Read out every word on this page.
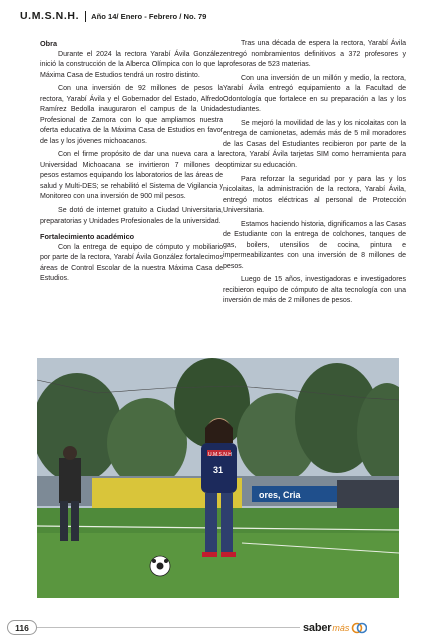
U.M.S.N.H. Año 14/ Enero - Febrero / No. 79
Obra

Durante el 2024 la rectora Yarabí Ávila González inició la construcción de la Alberca Olímpica con lo que la Máxima Casa de Estudios tendrá un rostro distinto.

Con una inversión de 92 millones de pesos la rectora, Yarabí Ávila y el Gobernador del Estado, Alfredo Ramírez Bedolla inauguraron el campus de la Unidad Profesional de Zamora con lo que ampliamos nuestra oferta educativa de la Máxima Casa de Estudios en favor de las y los jóvenes michoacanos.

Con el firme propósito de dar una nueva cara a la Universidad Michoacana se invirtieron 7 millones de pesos estamos equipando los laboratorios de las áreas de salud y Multi-DES; se rehabilitó el Sistema de Vigilancia y Monitoreo con una inversión de 900 mil pesos.

Se dotó de internet gratuito a Ciudad Universitaria, preparatorias y Unidades Profesionales de la universidad.

Fortalecimiento académico

Con la entrega de equipo de cómputo y mobiliario por parte de la rectora, Yarabí Ávila González fortalecimos áreas de Control Escolar de la nuestra Máxima Casa de Estudios.

Tras una década de espera la rectora, Yarabí Ávila entregó nombramientos definitivos a 372 profesores y profesoras de 523 materias.

Con una inversión de un millón y medio, la rectora, Yarabí Ávila entregó equipamiento a la Facultad de Odontología que fortalece en su preparación a las y los estudiantes.

Se mejoró la movilidad de las y los nicolaitas con la entrega de camionetas, además más de 5 mil moradores de las Casas del Estudiantes recibieron por parte de la rectora, Yarabí Ávila tarjetas SIM como herramienta para optimizar su educación.

Para reforzar la seguridad por y para las y los nicolaitas, la administración de la rectora, Yarabí Ávila, entregó motos eléctricas al personal de Protección Universitaria.

Estamos haciendo historia, dignificamos a las Casas de Estudiante con la entrega de colchones, tanques de gas, boilers, utensilios de cocina, pintura e impermeabilizantes con una inversión de 8 millones de pesos.

Luego de 15 años, investigadoras e investigadores recibieron equipo de cómputo de alta tecnología con una inversión de más de 2 millones de pesos.

ores, Cria
U.M.S.N.H
31
116	saber más
